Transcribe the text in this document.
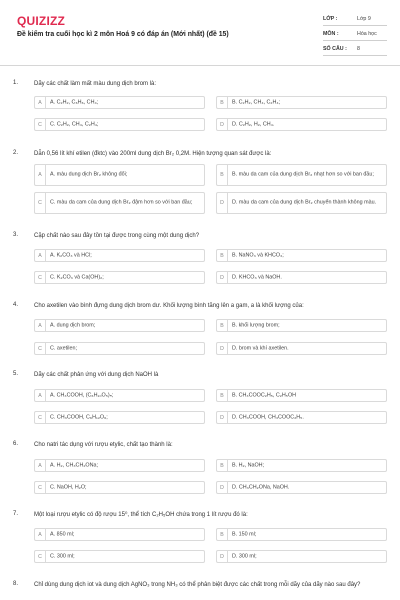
QUIZIZZ
Đề kiểm tra cuối học kì 2 môn Hoá 9 có đáp án (Mới nhất) (đề 15)
LỚP :	Lớp 9
MÔN :	Hóa học
SỐ CÂU : 8
1.	Dãy các chất làm mất màu dung dịch brom là:
A	A. C₂H₂, C₆H₆, CH₄;	B	B. C₂H₂, CH₄, C₂H₄;
C	C. C₂H₂, CH₄, C₂H₄;	D	D. C₂H₂, H₂, CH₄.
2.	Dẫn 0,56 lít khí etilen (đktc) vào 200ml dung dịch Br₂ 0,2M. Hiện tượng quan sát được là:
A	A. màu dung dịch Br₂ không đổi;	B	B. màu da cam của dung dịch Br₂ nhạt hơn so với ban đầu;
C	C. màu da cam của dung dịch Br₂ đậm hơn so với ban đầu;	D	D. màu da cam của dung dịch Br₂ chuyển thành không màu.
3.	Cặp chất nào sau đây tồn tại được trong cùng một dung dịch?
A	A. K₂CO₃ và HCl;	B	B. NaNO₃ và KHCO₃;
C	C. K₂CO₃ và Ca(OH)₂;	D	D. KHCO₃ và NaOH.
4.	Cho axetilen vào bình đựng dung dịch brom dư. Khối lượng bình tăng lên a gam, a là khối lượng của:
A	A. dung dịch brom;	B	B. khối lượng brom;
C	C. axetilen;	D	D. brom và khí axetilen.
5.	Dãy các chất phản ứng với dung dịch NaOH là
A	A. CH₃COOH, (C₆H₁₀O₅)ₙ;	B	B. CH₃COOC₂H₅, C₂H₅OH
C	C. CH₃COOH, C₆H₁₂O₆;	D	D. CH₃COOH, CH₃COOC₂H₅.
6.	Cho natri tác dụng với rượu etylic, chất tạo thành là:
A	A. H₂, CH₃CH₂ONa;	B	B. H₂, NaOH;
C	C. NaOH, H₂O;	D	D. CH₃CH₂ONa, NaOH.
7.	Một loại rượu etylic có độ rượu 15⁰, thể tích C₂H₅OH chứa trong 1 lít rượu đó là:
A	A. 850 ml;	B	B. 150 ml;
C	C. 300 ml;	D	D. 300 ml;
8.	Chỉ dùng dung dịch iot và dung dịch AgNO₃ trong NH₃ có thể phân biệt được các chất trong mỗi dãy của dãy nào sau đây?
